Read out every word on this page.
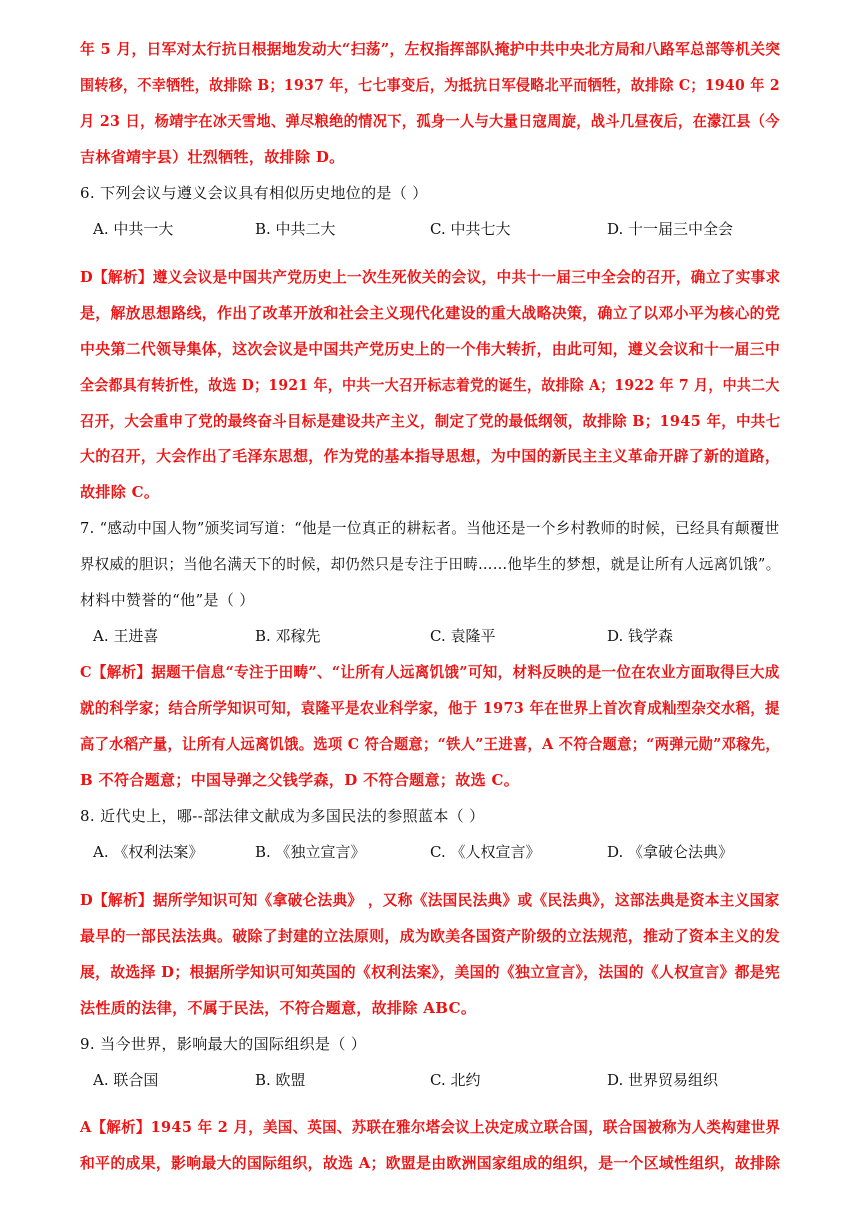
年 5 月，日军对太行抗日根据地发动大“扫荡”，左权指挥部队掩护中共中央北方局和八路军总部等机关突
围转移，不幸牺牲，故排除 B；1937 年，七七事变后，为抵抗日军侵略北平而牺牲，故排除 C；1940 年 2
月 23 日，杨靖宇在冰天雪地、弹尽粮绝的情况下，孤身一人与大量日寇周旋，战斗几昼夜后，在濛江县（今
吉林省靖宇县）壮烈牺牲，故排除 D。
6. 下列会议与遵义会议具有相似历史地位的是（ ）
A. 中共一大	B. 中共二大	C. 中共七大	D. 十一届三中全会
D【解析】遵义会议是中国共产党历史上一次生死攸关的会议，中共十一届三中全会的召开，确立了实事求
是，解放思想路线，作出了改革开放和社会主义现代化建设的重大战略决策，确立了以邓小平为核心的党
中央第二代领导集体，这次会议是中国共产党历史上的一个伟大转折，由此可知，遵义会议和十一届三中
全会都具有转折性，故选 D；1921 年，中共一大召开标志着党的诞生，故排除 A；1922 年 7 月，中共二大
召开，大会重申了党的最终奋斗目标是建设共产主义，制定了党的最低纲领，故排除 B；1945 年，中共七
大的召开，大会作出了毛泽东思想，作为党的基本指导思想，为中国的新民主主义革命开辟了新的道路，
故排除 C。
7. “感动中国人物”颁奖词写道：“他是一位真正的耕耘者。当他还是一个乡村教师的时候，已经具有颠覆世
界权威的胆识；当他名满天下的时候，却仍然只是专注于田畴……他毕生的梦想，就是让所有人远离饥饿”。
材料中赞誉的“他”是（ ）
A. 王进喜	B. 邓稼先	C. 袁隆平	D. 钱学森
C【解析】据题干信息“专注于田畴”、“让所有人远离饥饿”可知，材料反映的是一位在农业方面取得巨大成
就的科学家；结合所学知识可知，袁隆平是农业科学家，他于 1973 年在世界上首次育成籼型杂交水稻，提
高了水稻产量，让所有人远离饥饿。选项 C 符合题意；“铁人”王进喜，A 不符合题意；“两弹元勋”邓稼先，
B 不符合题意；中国导弹之父钱学森，D 不符合题意；故选 C。
8. 近代史上，哪--部法律文献成为多国民法的参照蓝本（ ）
A. 《权利法案》	B. 《独立宣言》	C. 《人权宣言》	D. 《拿破仑法典》
D【解析】据所学知识可知《拿破仑法典》 ，又称《法国民法典》或《民法典》，这部法典是资本主义国家
最早的一部民法法典。破除了封建的立法原则，成为欧美各国资产阶级的立法规范，推动了资本主义的发
展，故选择 D；根据所学知识可知英国的《权利法案》，美国的《独立宣言》，法国的《人权宣言》都是宪
法性质的法律，不属于民法，不符合题意，故排除 ABC。
9. 当今世界，影响最大的国际组织是（ ）
A. 联合国	B. 欧盟	C. 北约	D. 世界贸易组织
A【解析】1945 年 2 月，美国、英国、苏联在雅尔塔会议上决定成立联合国，联合国被称为人类构建世界
和平的成果，影响最大的国际组织，故选 A；欧盟是由欧洲国家组成的组织，是一个区域性组织，故排除
